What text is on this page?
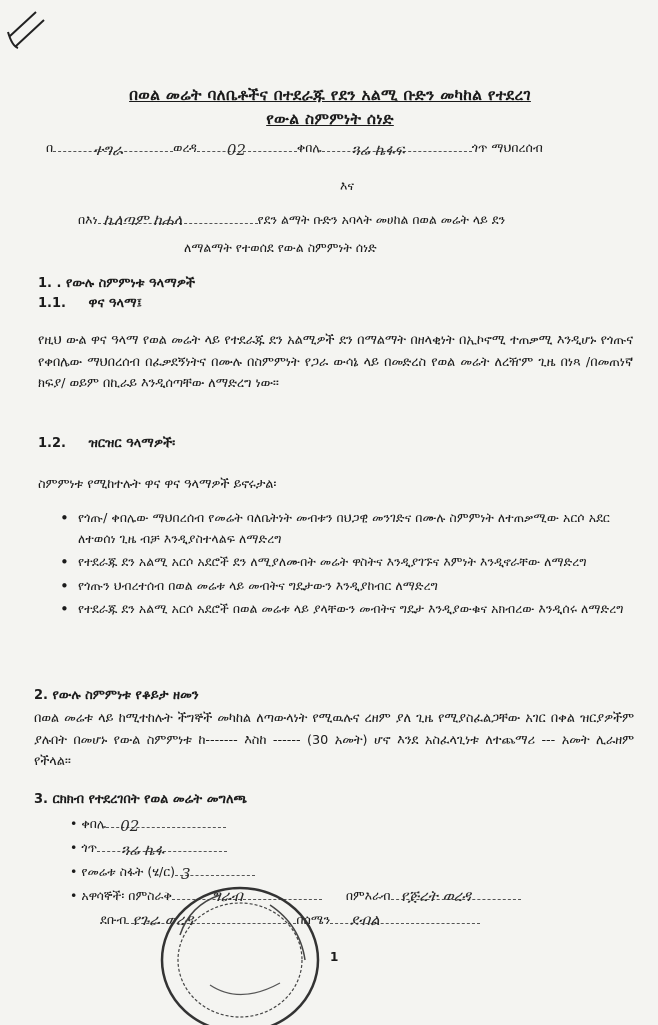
በወል መሬት ባለቤቶችና በተደራጁ የደን አልሚ ቡድን መካከል የተደረገ
የውል ስምምነት ሰነድ
በ	ተግራ	ወረዳ 02	ቀበሌ ጓሬ ኬፋፍ	ጎጥ ማህበረሰብ
እና
በእነ ኬለጣም ከሐላ	የደን ልማት ቡድን አባላት መሀከል በወል መሬት ላይ ደን
ለማልማት የተወሰደ የውል ስምምነት ሰነድ
1. . የውሉ ስምምነቱ ዓላማዎች
1.1. ዋና ዓላማ፤
የዚህ ውል ዋና ዓላማ የወል መሬት ላይ የተደራጁ ደን አልሚዎች ደን በማልማት በዘላቂነት በኢኮኖሚ ተጠቃሚ እንዲሆኑ የጎጡና የቀበሌው ማህበረሰብ በፈቃደኝነትና በሙሉ በስምምነት የጋራ ውሳኔ ላይ በመድረስ የወል መሬት ለረዥም ጊዜ በነጻ /በመጠነኛ ክፍያ/ ወይም በኪራይ እንዲሰጣቸው ለማድረግ ነው፡፡
1.2. ዝርዝር ዓላማዎች፡
ስምምነቱ የሚከተሉት ዋና ዋና ዓላማዎች ይኖሩታል፡
• የጎጡ/ ቀበሌው ማህበረሰብ የመሬት ባለቤትነት መብቱን በህጋዊ መንገድና በሙሉ ስምምነት ለተጠቃሚው አርሶ አደር ለተወሰነ ጊዜ ብቻ እንዲያስተላልፍ ለማድረግ
• የተደራጁ ደን አልሚ አርሶ አደሮች ደን ለሚያለሙበት መሬት ዋስትና እንዲያገኙና እምነት እንዲኖራቸው ለማድረግ
• የጎጡን ህብረተሰብ በወል መሬቱ ላይ መብትና ግዴታውን እንዲያከብር ለማድረግ
• የተደራጁ ደን አልሚ አርሶ አደሮች በወል መሬቱ ላይ ያላቸውን መብትና ግዴታ እንዲያውቁና አክብረው እንዲሰሩ ለማድረግ
2. የውሉ ስምምነቱ የቆይታ ዘመን
በወል መሬቱ ላይ ከሚተከሉት ችግኞች መካከል ለጣውላነት የሚዉሉና ረዘም ያለ ጊዜ የሚያስፈልጋቸው አገር በቀል ዝርያዎችም ያሉበት በመሆኑ የውል ስምምነቱ ከ------- እስከ ------ (30 አመት) ሆኖ እንደ አስፈላጊነቱ ለተጨማሪ --- አመት ሊራዘም የችላል፡፡
3. ርክክብ የተደረገበት የወል መሬት መግለጫ
• ቀበሌ 02
• ጎጥ ጓሬ ኬፋ
• የመሬቱ ስፋት (ሄ/ር) 3
• አዋሳኞች፡ በምስራቅ	ግራብ	በምእራብ የጅረት ወረዳ
ደቡብ የጉራ ወረዳ	በሰሜን ደብል
1
